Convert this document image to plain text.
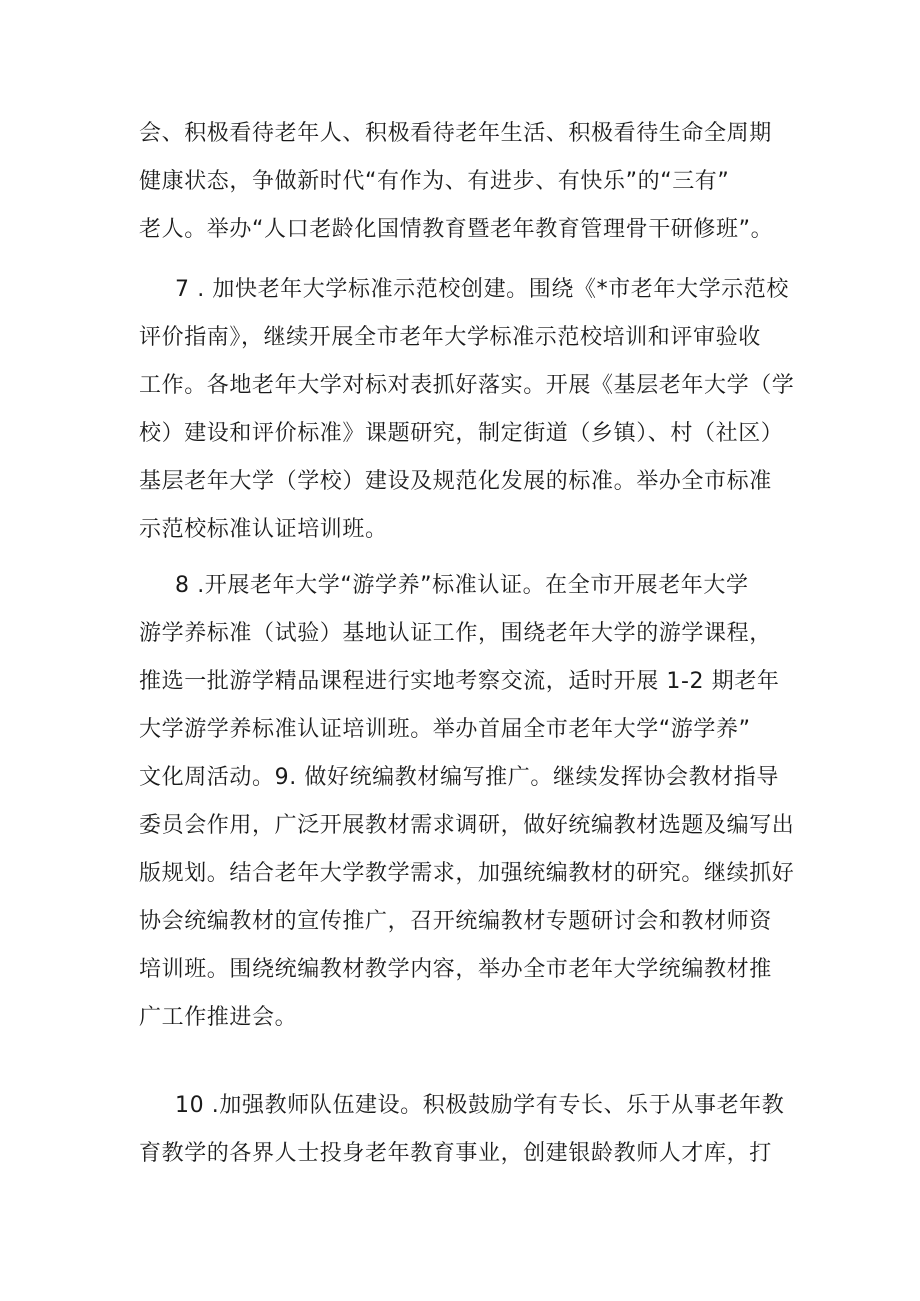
会、积极看待老年人、积极看待老年生活、积极看待生命全周期
健康状态，争做新时代“有作为、有进步、有快乐”的“三有”
老人。举办“人口老龄化国情教育暨老年教育管理骨干研修班”。

7 . 加快老年大学标准示范校创建。围绕《*市老年大学示范校
评价指南》，继续开展全市老年大学标准示范校培训和评审验收
工作。各地老年大学对标对表抓好落实。开展《基层老年大学（学
校）建设和评价标准》课题研究，制定街道（乡镇）、村（社区）
基层老年大学（学校）建设及规范化发展的标准。举办全市标准
示范校标准认证培训班。

8 .开展老年大学“游学养”标准认证。在全市开展老年大学
游学养标准（试验）基地认证工作，围绕老年大学的游学课程，
推选一批游学精品课程进行实地考察交流，适时开展 1-2 期老年
大学游学养标准认证培训班。举办首届全市老年大学“游学养”
文化周活动。9. 做好统编教材编写推广。继续发挥协会教材指导
委员会作用，广泛开展教材需求调研，做好统编教材选题及编写出
版规划。结合老年大学教学需求，加强统编教材的研究。继续抓好
协会统编教材的宣传推广，召开统编教材专题研讨会和教材师资
培训班。围绕统编教材教学内容，举办全市老年大学统编教材推
广工作推进会。

10 .加强教师队伍建设。积极鼓励学有专长、乐于从事老年教
育教学的各界人士投身老年教育事业，创建银龄教师人才库，打
